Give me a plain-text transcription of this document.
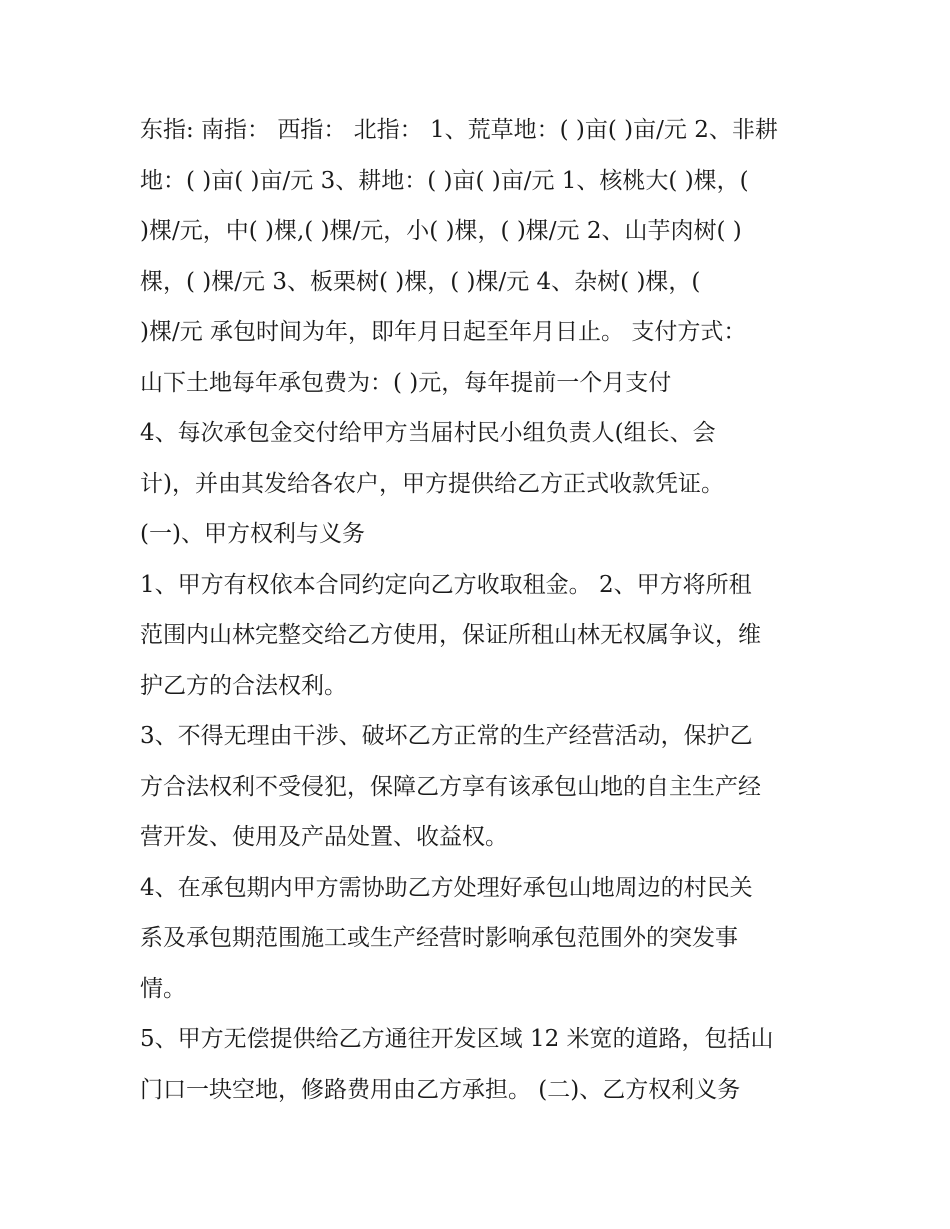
东指: 南指： 西指： 北指： 1、荒草地：( )亩( )亩/元 2、非耕
地：( )亩( )亩/元 3、耕地：( )亩( )亩/元 1、核桃大( )棵，(
)棵/元，中( )棵,( )棵/元，小( )棵，( )棵/元 2、山芋肉树( )
棵，( )棵/元 3、板栗树( )棵，( )棵/元 4、杂树( )棵，(
)棵/元 承包时间为年，即年月日起至年月日止。 支付方式：
山下土地每年承包费为：( )元，每年提前一个月支付
4、每次承包金交付给甲方当届村民小组负责人(组长、会
计)，并由其发给各农户，甲方提供给乙方正式收款凭证。
(一)、甲方权利与义务
1、甲方有权依本合同约定向乙方收取租金。 2、甲方将所租
范围内山林完整交给乙方使用，保证所租山林无权属争议，维
护乙方的合法权利。
3、不得无理由干涉、破坏乙方正常的生产经营活动，保护乙
方合法权利不受侵犯，保障乙方享有该承包山地的自主生产经
营开发、使用及产品处置、收益权。
4、在承包期内甲方需协助乙方处理好承包山地周边的村民关
系及承包期范围施工或生产经营时影响承包范围外的突发事
情。
5、甲方无偿提供给乙方通往开发区域 12 米宽的道路，包括山
门口一块空地，修路费用由乙方承担。 (二)、乙方权利义务
